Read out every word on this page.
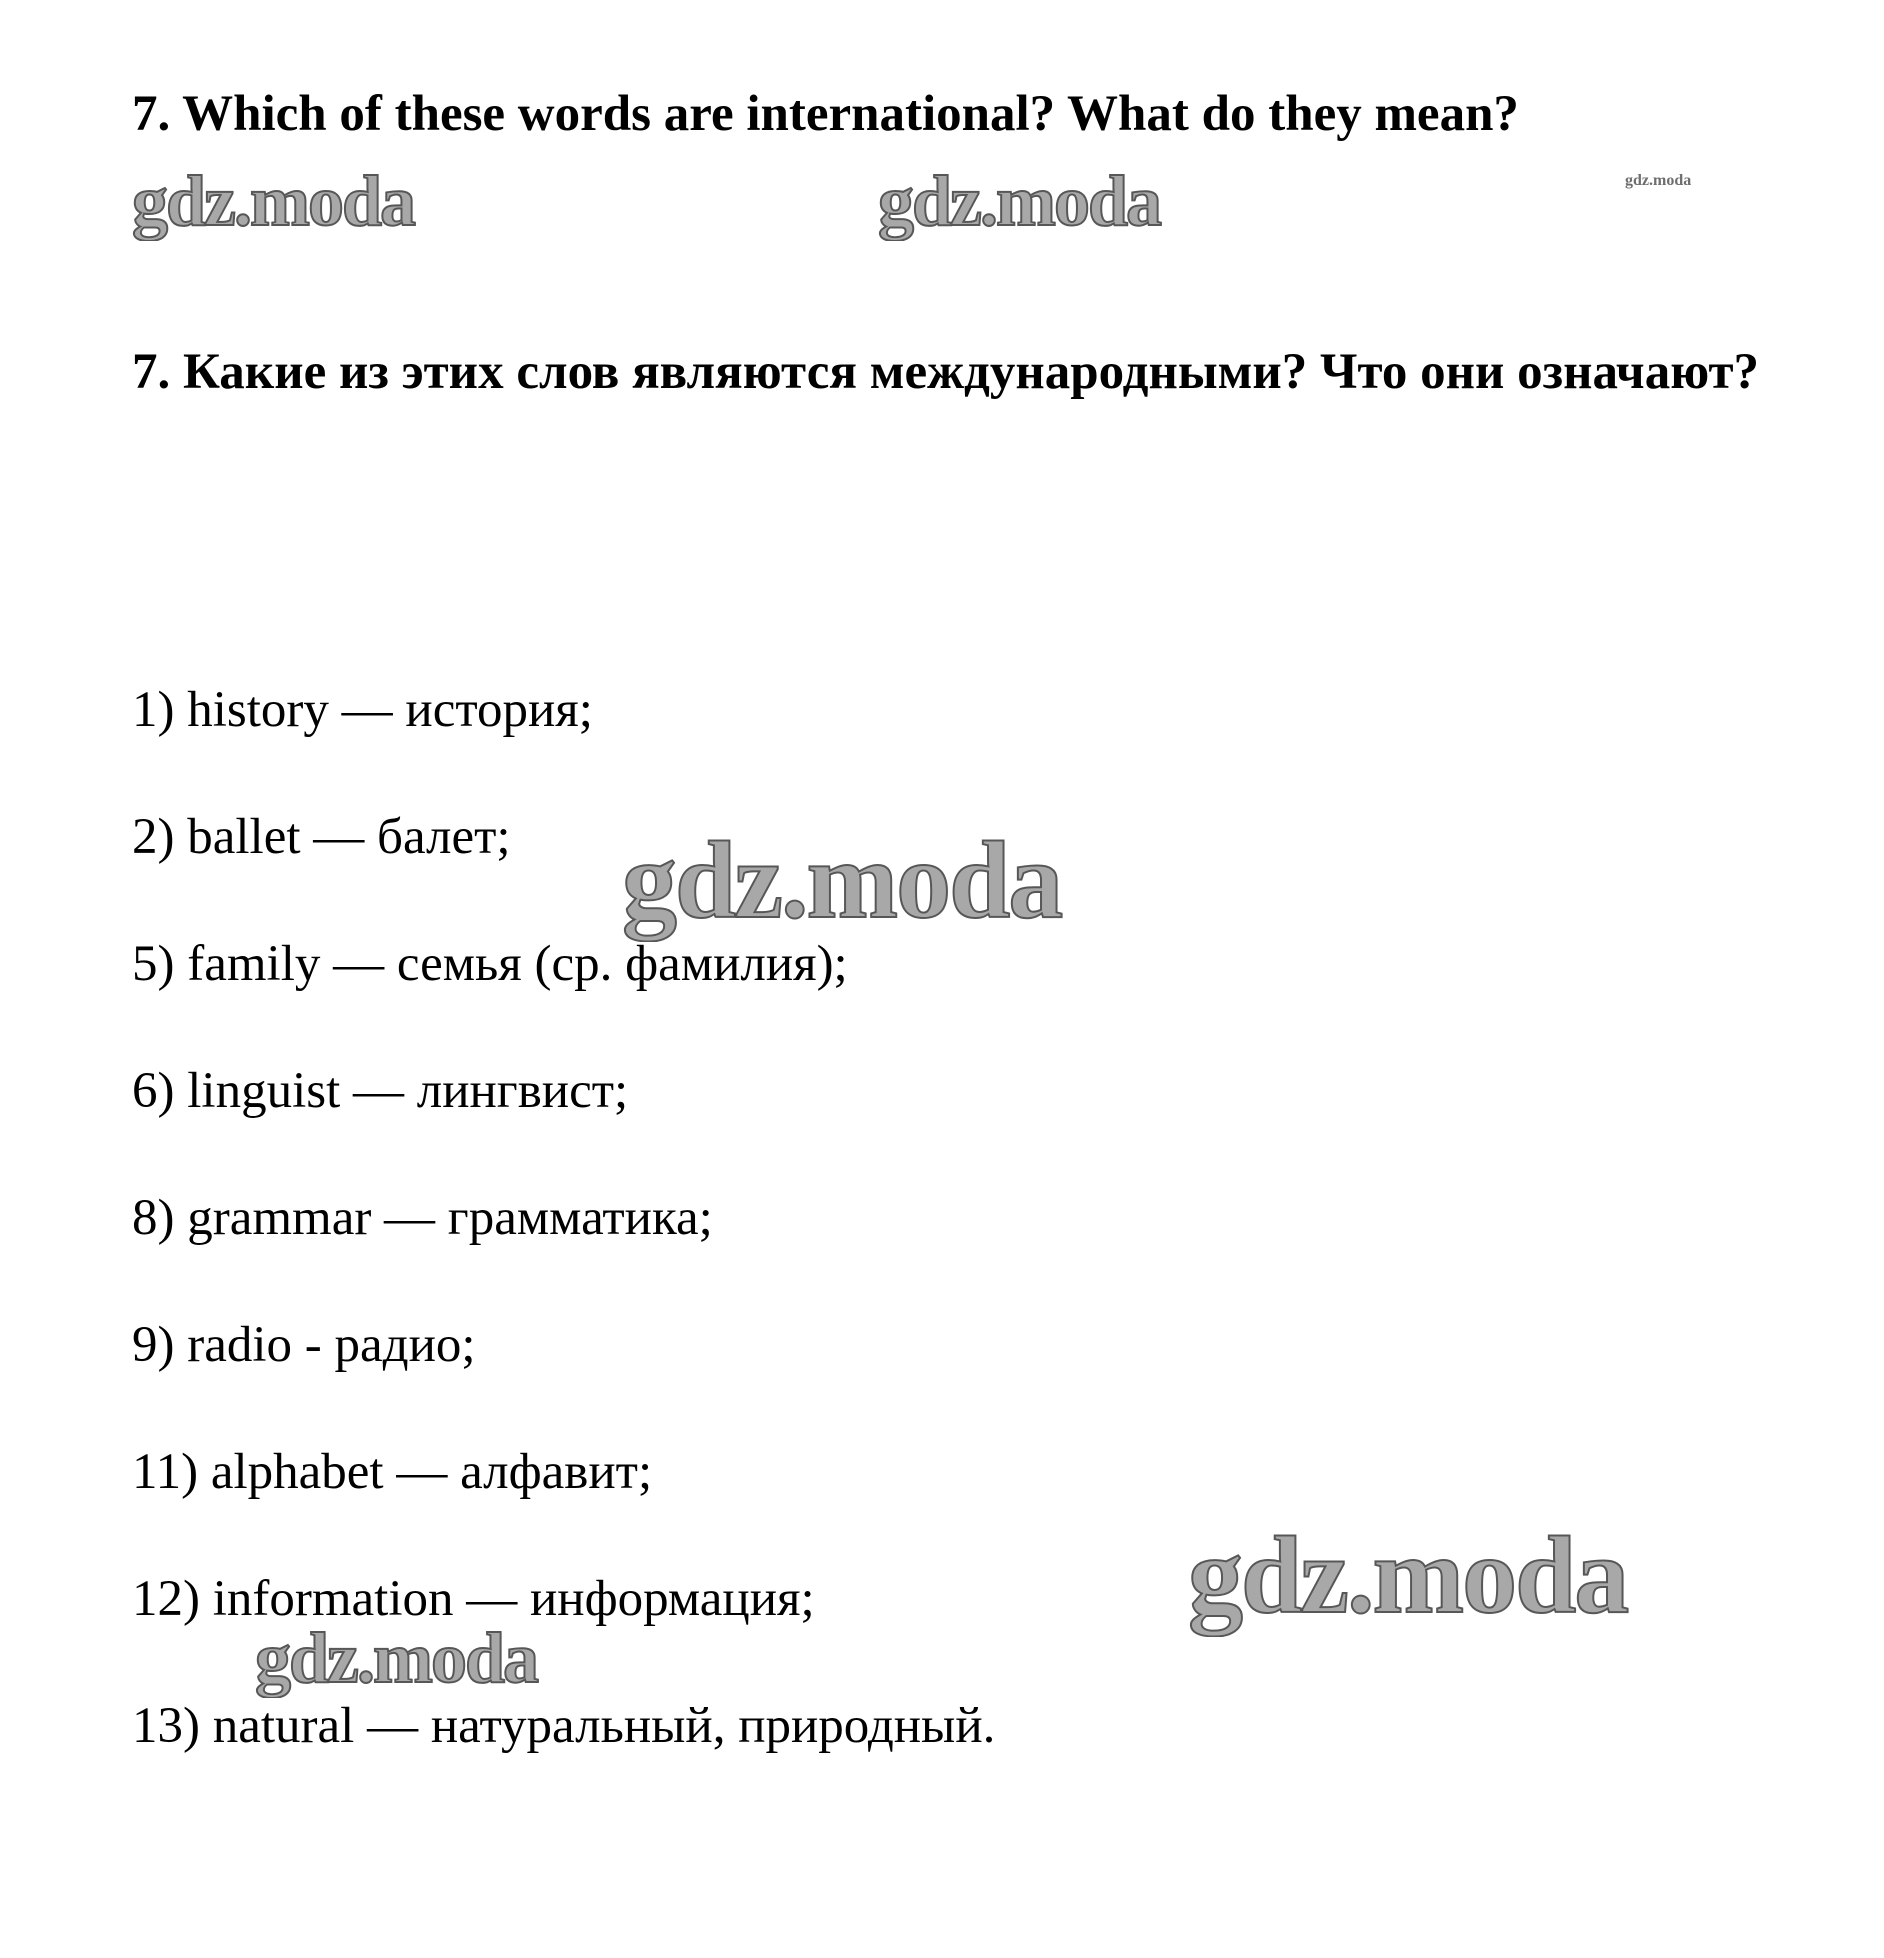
7. Which of these words are international? What do they mean?
7. Какие из этих слов являются международными? Что они означают?
1) history — история;
2) ballet — балет;
5) family — семья (ср. фамилия);
6) linguist — лингвист;
8) grammar — грамматика;
9) radio - радио;
11) alphabet — алфавит;
12) information — информация;
13) natural — натуральный, природный.
gdz.moda	gdz.moda	gdz.moda
gdz.moda
gdz.moda
gdz.moda
